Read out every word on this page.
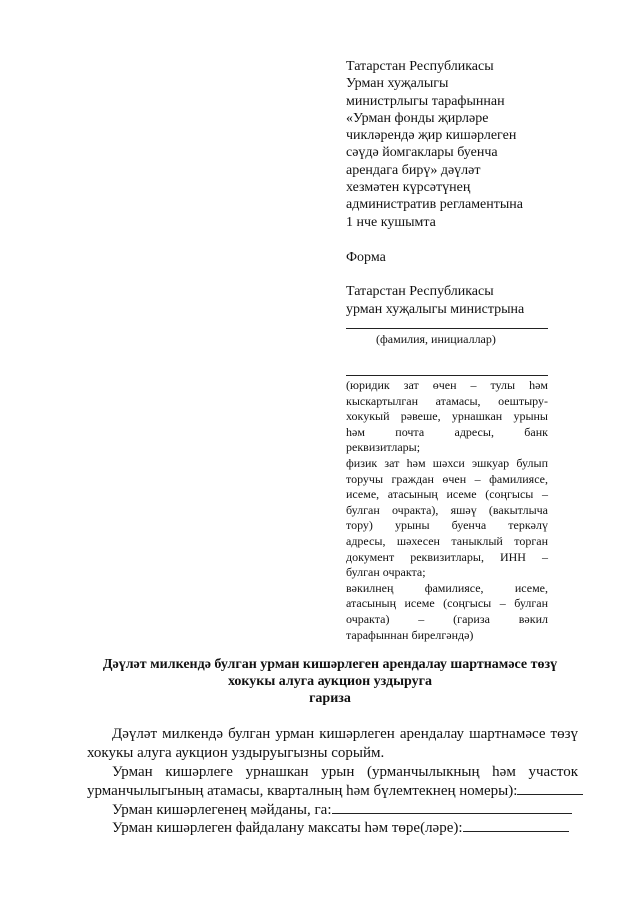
Татарстан Республикасы
Урман хуҗалыгы
министрлыгы тарафыннан
«Урман фонды җирләре
чикләрендә җир кишәрлеген
сәүдә йомгаклары буенча
арендага бирү» дәүләт
хезмәтен күрсәтүнең
административ регламентына
1 нче кушымта
Форма
Татарстан Республикасы
урман хуҗалыгы министрына
(фамилия, инициаллар)
(юридик зат өчен – тулы һәм
кыскартылган атамасы, оештыру-
хокукый рәвеше, урнашкан урыны
һәм почта адресы, банк
реквизитлары;
физик зат һәм шәхси эшкуар булып
торучы граждан өчен – фамилиясе,
исеме, атасының исеме (соңгысы –
булган очракта), яшәү (вакытлыча
тору) урыны буенча теркәлү
адресы, шәхесен таныклый торган
документ реквизитлары, ИНН –
булган очракта;
вәкилнең фамилиясе, исеме,
атасының исеме (соңгысы – булган
очракта) – (гариза вәкил
тарафыннан бирелгәндә)
Дәүләт милкендә булган урман кишәрлеген арендалау шартнамәсе төзү
хокукы алуга аукцион уздыруга
гариза
Дәүләт милкендә булган урман кишәрлеген арендалау шартнамәсе төзү
хокукы алуга аукцион уздыруыгызны сорыйм.
Урман кишәрлеге урнашкан урын (урманчылыкның һәм участок
урманчылыгының атамасы, кварталның һәм бүлемтекнең номеры):
Урман кишәрлегенең мәйданы, га:
Урман кишәрлеген файдалану максаты һәм төре(ләре):
